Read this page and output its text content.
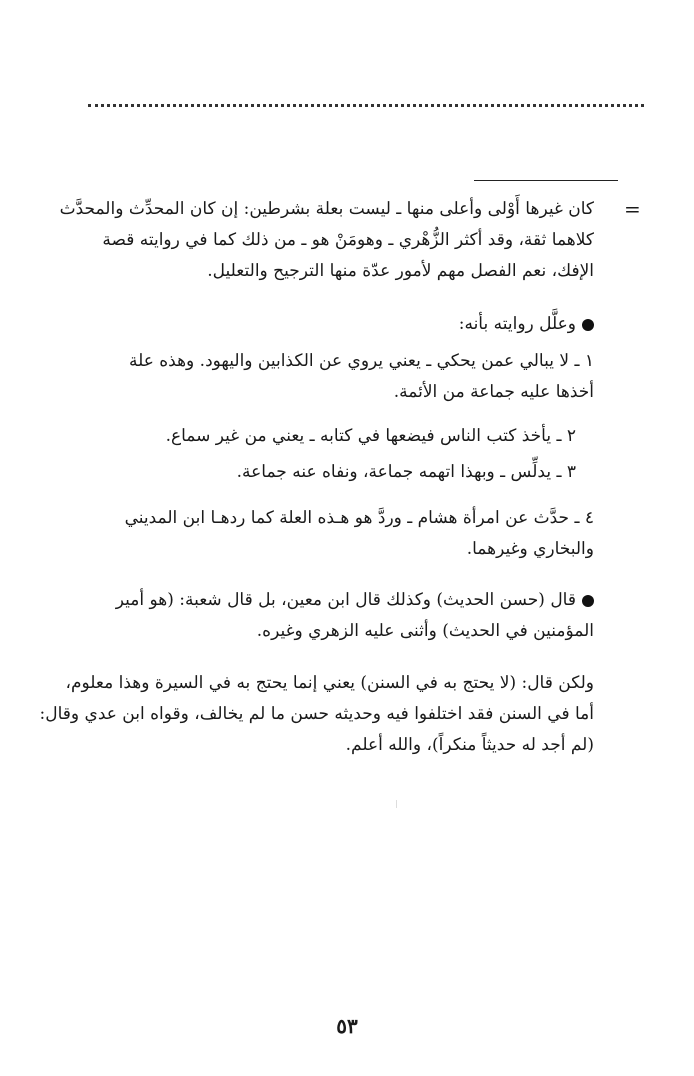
=
كان غيرها أَوْلى وأعلى منها ـ ليست بعلة بشرطين: إن كان المحدِّث والمحدَّث
كلاهما ثقة، وقد أكثر الزُّهْري ـ وهومَنْ هو ـ من ذلك كما في روايته قصة
الإفك، نعم الفصل مهم لأمور عدّة منها الترجيح والتعليل.
وعلَّل روايته بأنه:
١ ـ لا يبالي عمن يحكي ـ يعني يروي عن الكذابين واليهود. وهذه علة
أخذها عليه جماعة من الأئمة.
٢ ـ يأخذ كتب الناس فيضعها في كتابه ـ يعني من غير سماع.
٣ ـ يدلِّس ـ وبهذا اتهمه جماعة، ونفاه عنه جماعة.
٤ ـ حدَّث عن امرأة هشام ـ وردَّ هو هـذه العلة كما ردهـا ابن المديني
والبخاري وغيرهما.
قال (حسن الحديث) وكذلك قال ابن معين، بل قال شعبة: (هو أمير
المؤمنين في الحديث) وأثنى عليه الزهري وغيره.
ولكن قال: (لا يحتج به في السنن) يعني إنما يحتج به في السيرة وهذا معلوم،
أما في السنن فقد اختلفوا فيه وحديثه حسن ما لم يخالف، وقواه ابن عدي وقال:
(لم أجد له حديثاً منكراً)، والله أعلم.
٥٣
